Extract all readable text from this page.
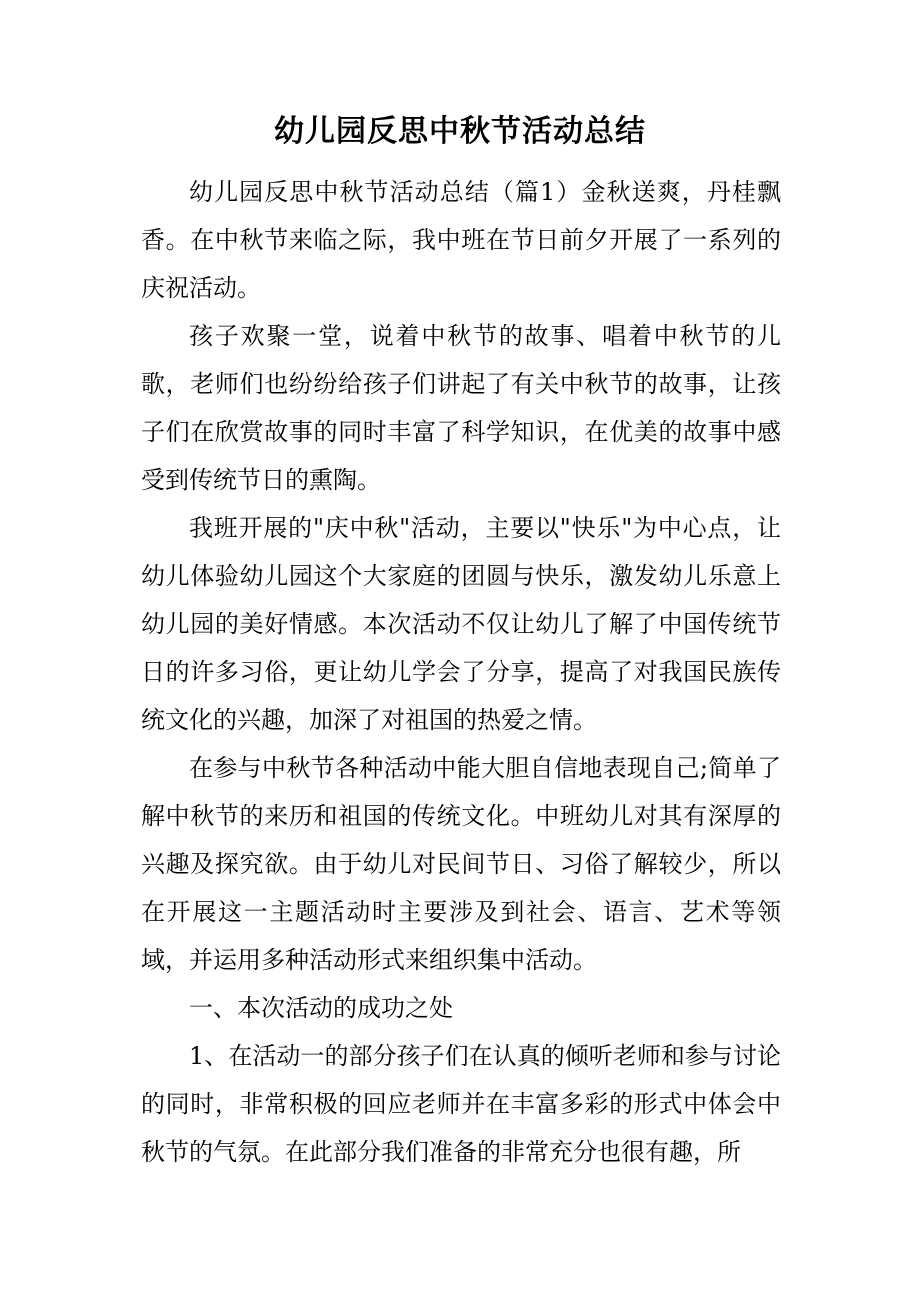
幼儿园反思中秋节活动总结

幼儿园反思中秋节活动总结（篇1）金秋送爽，丹桂飘香。在中秋节来临之际，我中班在节日前夕开展了一系列的庆祝活动。

孩子欢聚一堂，说着中秋节的故事、唱着中秋节的儿歌，老师们也纷纷给孩子们讲起了有关中秋节的故事，让孩子们在欣赏故事的同时丰富了科学知识，在优美的故事中感受到传统节日的熏陶。

我班开展的"庆中秋"活动，主要以"快乐"为中心点，让幼儿体验幼儿园这个大家庭的团圆与快乐，激发幼儿乐意上幼儿园的美好情感。本次活动不仅让幼儿了解了中国传统节日的许多习俗，更让幼儿学会了分享，提高了对我国民族传统文化的兴趣，加深了对祖国的热爱之情。

在参与中秋节各种活动中能大胆自信地表现自己;简单了解中秋节的来历和祖国的传统文化。中班幼儿对其有深厚的兴趣及探究欲。由于幼儿对民间节日、习俗了解较少，所以在开展这一主题活动时主要涉及到社会、语言、艺术等领域，并运用多种活动形式来组织集中活动。

一、本次活动的成功之处

1、在活动一的部分孩子们在认真的倾听老师和参与讨论的同时，非常积极的回应老师并在丰富多彩的形式中体会中秋节的气氛。在此部分我们准备的非常充分也很有趣，所
